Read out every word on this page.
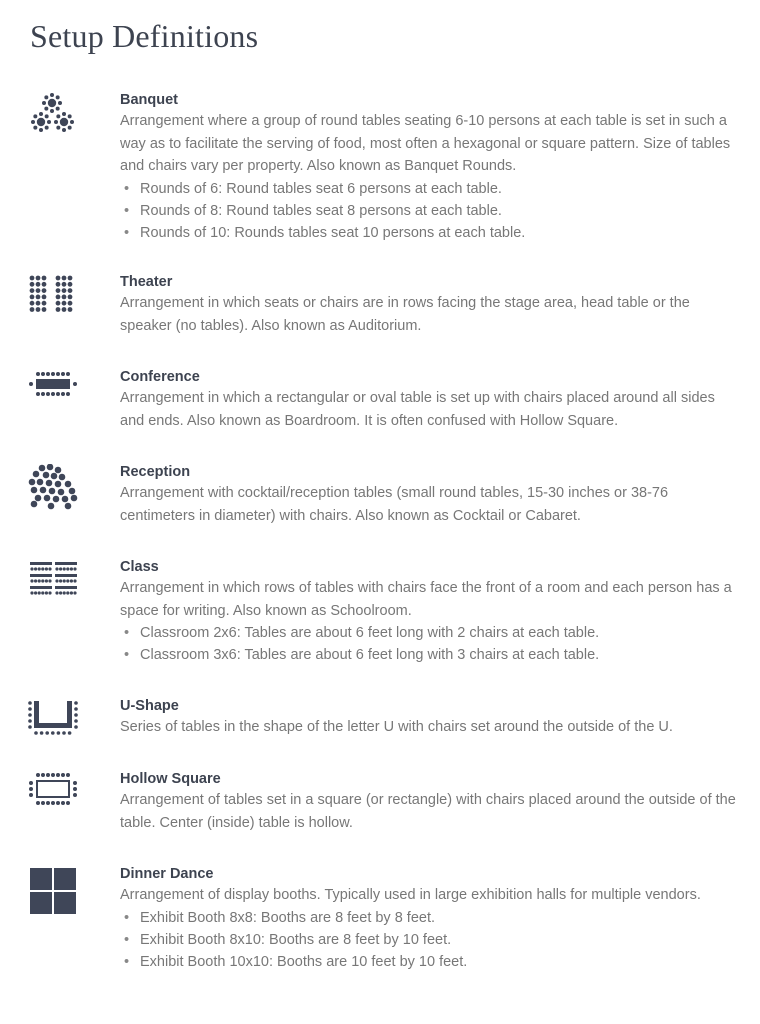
Setup Definitions

Banquet

Arrangement where a group of round tables seating 6-10 persons at each table is set in such a way as to facilitate the serving of food, most often a hexagonal or square pattern. Size of tables and chairs vary per property. Also known as Banquet Rounds.

• Rounds of 6: Round tables seat 6 persons at each table.
• Rounds of 8: Round tables seat 8 persons at each table.
• Rounds of 10: Rounds tables seat 10 persons at each table.

Theater

Arrangement in which seats or chairs are in rows facing the stage area, head table or the speaker (no tables). Also known as Auditorium.

Conference

Arrangement in which a rectangular or oval table is set up with chairs placed around all sides and ends. Also known as Boardroom. It is often confused with Hollow Square.

Reception

Arrangement with cocktail/reception tables (small round tables, 15-30 inches or 38-76 centimeters in diameter) with chairs. Also known as Cocktail or Cabaret.

Class

Arrangement in which rows of tables with chairs face the front of a room and each person has a space for writing. Also known as Schoolroom.

• Classroom 2x6: Tables are about 6 feet long with 2 chairs at each table.
• Classroom 3x6: Tables are about 6 feet long with 3 chairs at each table.

U-Shape

Series of tables in the shape of the letter U with chairs set around the outside of the U.

Hollow Square

Arrangement of tables set in a square (or rectangle) with chairs placed around the outside of the table. Center (inside) table is hollow.

Dinner Dance

Arrangement of display booths. Typically used in large exhibition halls for multiple vendors.

• Exhibit Booth 8x8: Booths are 8 feet by 8 feet.
• Exhibit Booth 8x10: Booths are 8 feet by 10 feet.
• Exhibit Booth 10x10: Booths are 10 feet by 10 feet.
